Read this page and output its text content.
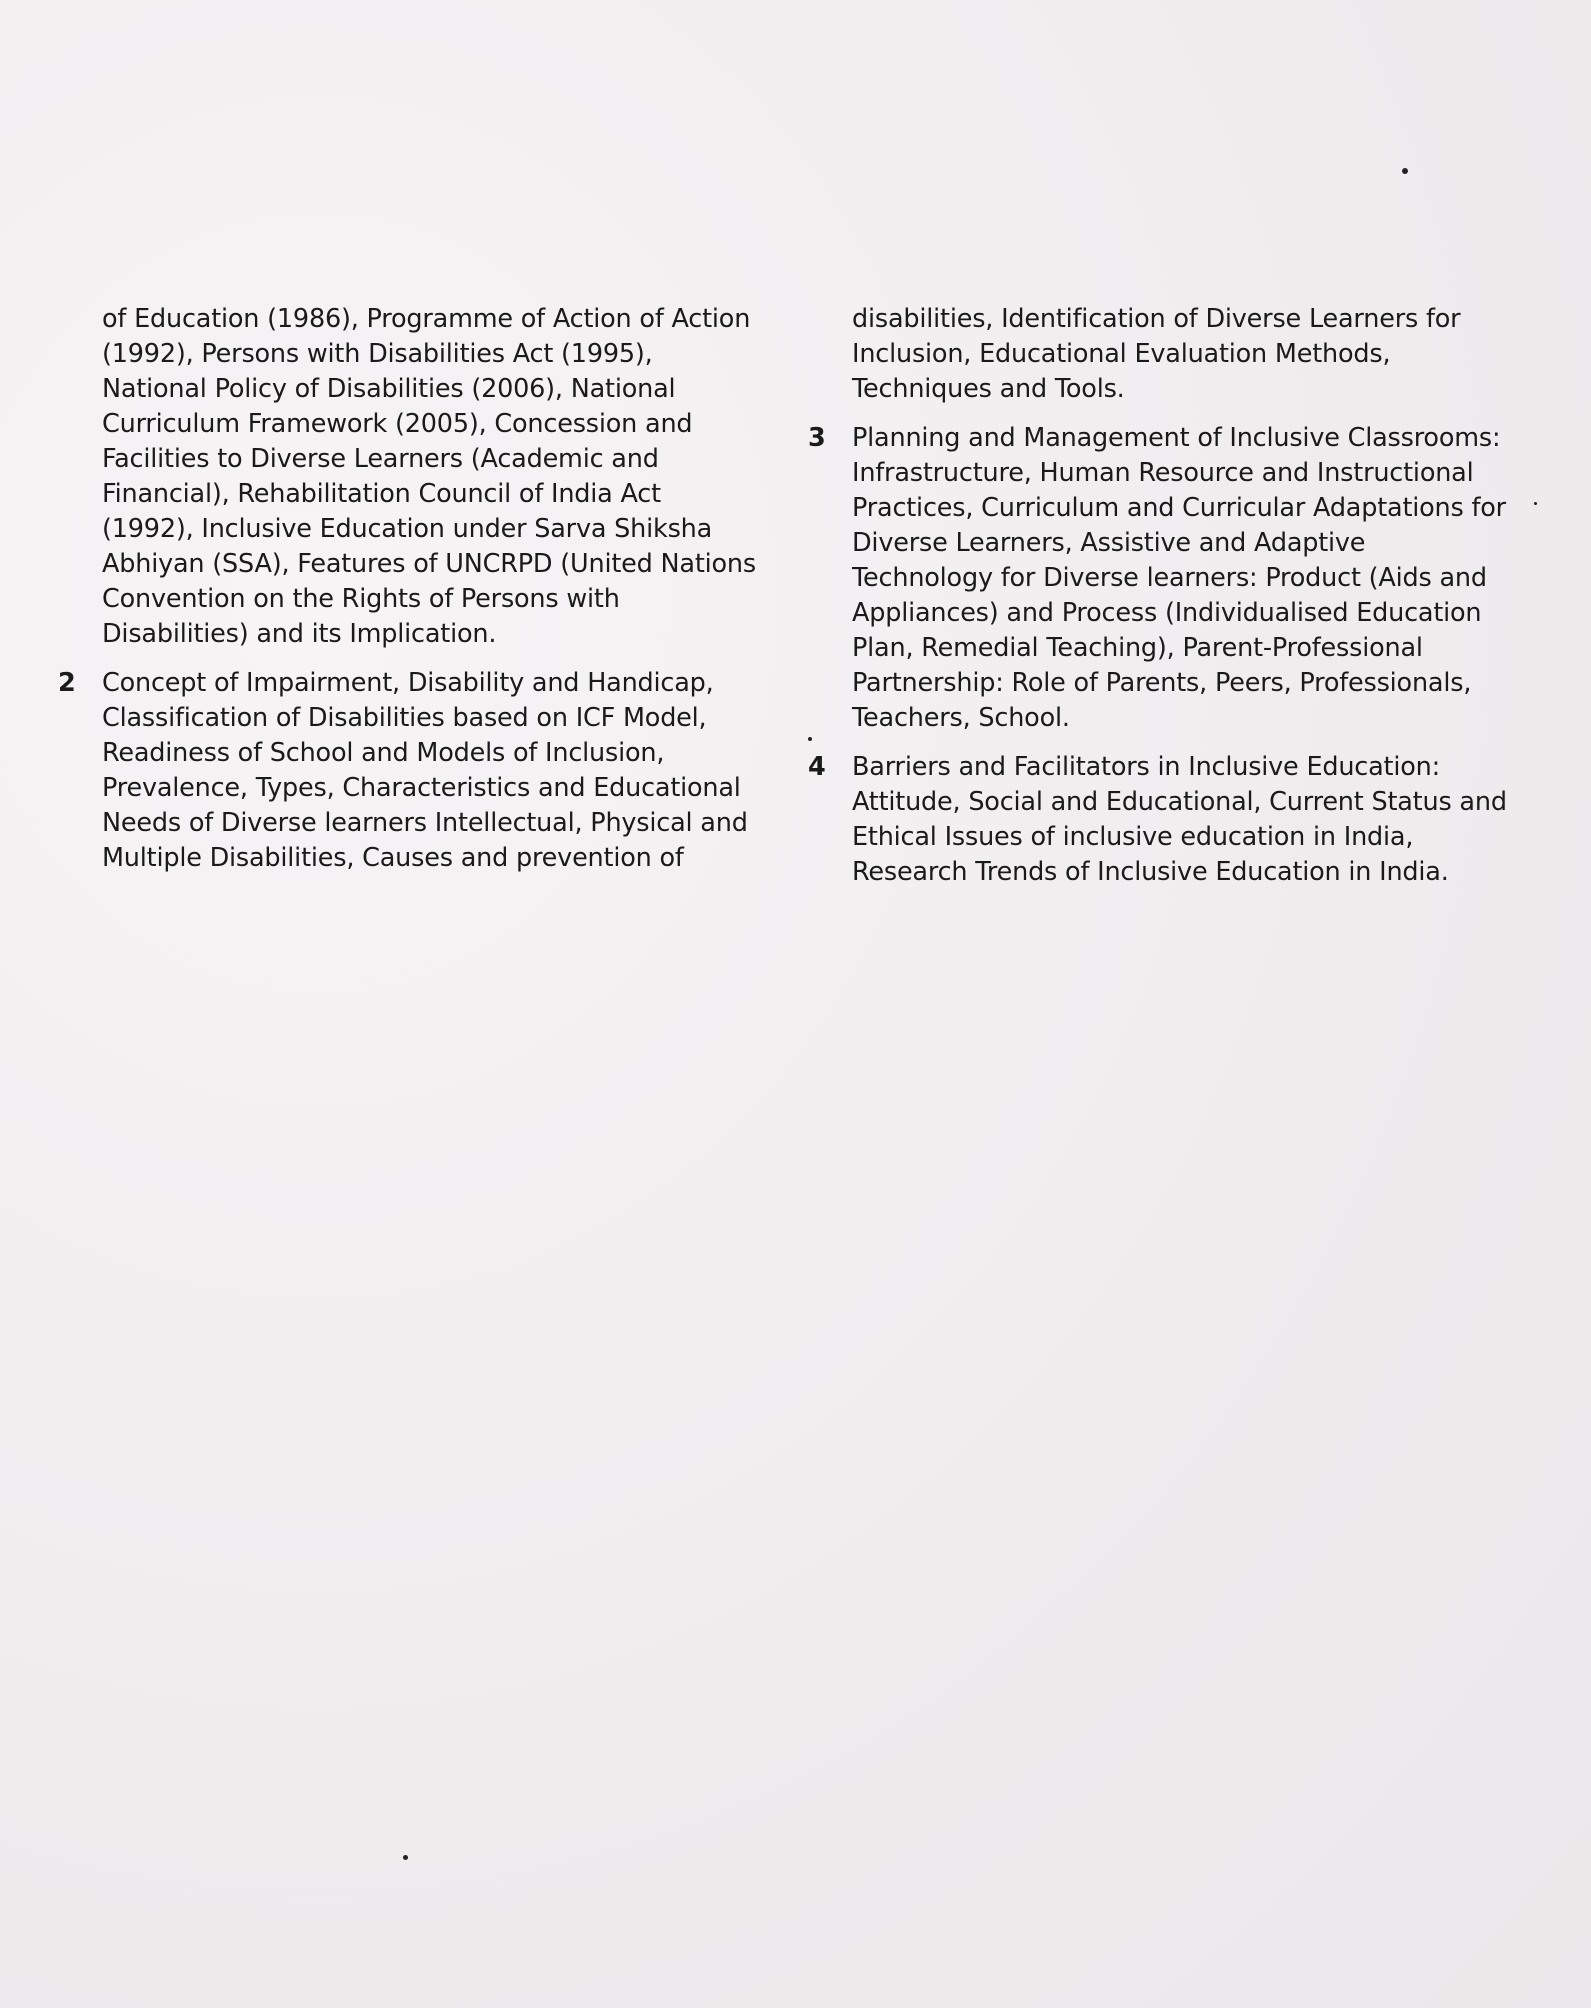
of Education (1986), Programme of Action of Action (1992), Persons with Disabilities Act (1995), National Policy of Disabilities (2006), National Curriculum Framework (2005), Concession and Facilities to Diverse Learners (Academic and Financial), Rehabilitation Council of India Act (1992), Inclusive Education under Sarva Shiksha Abhiyan (SSA), Features of UNCRPD (United Nations Convention on the Rights of Persons with Disabilities) and its Implication.
2	Concept of Impairment, Disability and Handicap, Classification of Disabilities based on ICF Model, Readiness of School and Models of Inclusion, Prevalence, Types, Characteristics and Educational Needs of Diverse learners Intellectual, Physical and Multiple Disabilities, Causes and prevention of
disabilities, Identification of Diverse Learners for Inclusion, Educational Evaluation Methods, Techniques and Tools.
3	Planning and Management of Inclusive Classrooms: Infrastructure, Human Resource and Instructional Practices, Curriculum and Curricular Adaptations for Diverse Learners, Assistive and Adaptive Technology for Diverse learners: Product (Aids and Appliances) and Process (Individualised Education Plan, Remedial Teaching), Parent-Professional Partnership: Role of Parents, Peers, Professionals, Teachers, School.
4	Barriers and Facilitators in Inclusive Education: Attitude, Social and Educational, Current Status and Ethical Issues of inclusive education in India, Research Trends of Inclusive Education in India.
